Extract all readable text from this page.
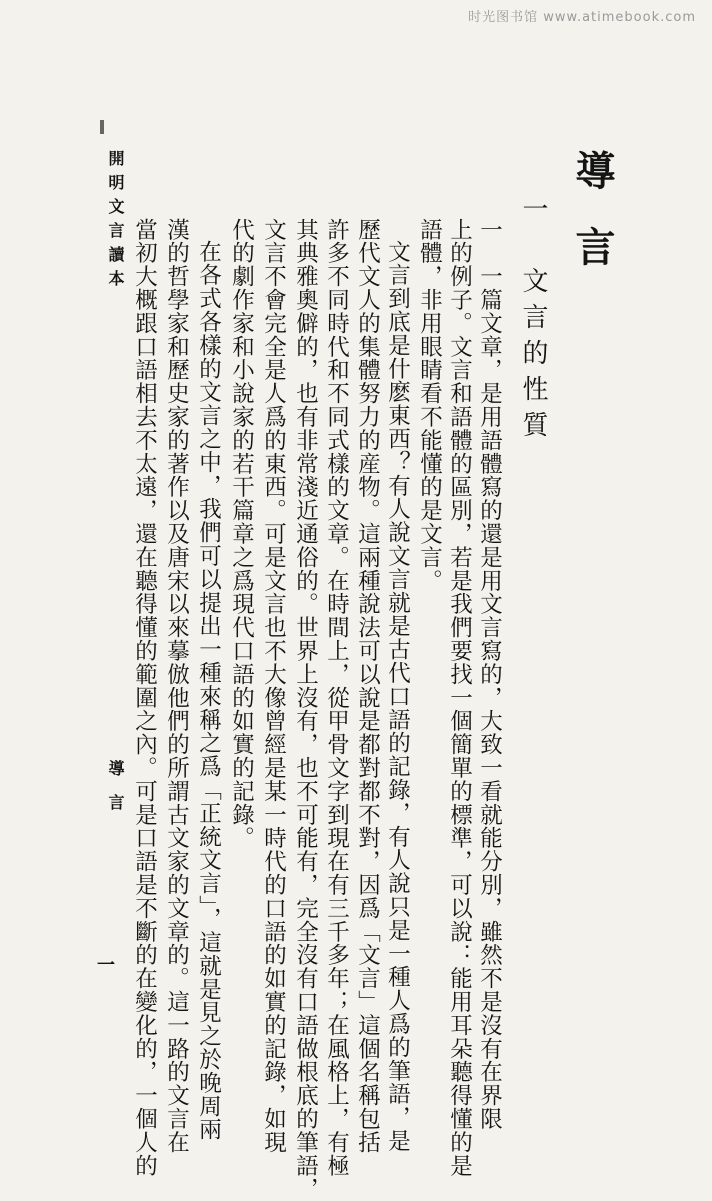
时光图书馆 www.atimebook.com
導言
一　文言的性質
一　一篇文章，是用語體寫的還是用文言寫的，大致一看就能分別，雖然不是沒有在界限
上的例子。文言和語體的區別，若是我們要找一個簡單的標準，可以說：能用耳朵聽得懂的是
語體，非用眼睛看不能懂的是文言。
文言到底是什麽東西？有人說文言就是古代口語的記錄，有人說只是一種人爲的筆語，是
歷代文人的集體努力的産物。這兩種說法可以說是都對都不對，因爲「文言」這個名稱包括
許多不同時代和不同式樣的文章。在時間上，從甲骨文字到現在有三千多年；在風格上，有極
其典雅奧僻的，也有非常淺近通俗的。世界上沒有，也不可能有，完全沒有口語做根底的筆語，
文言不會完全是人爲的東西。可是文言也不大像曾經是某一時代的口語的如實的記錄，如現
代的劇作家和小說家的若干篇章之爲現代口語的如實的記錄。
在各式各樣的文言之中，我們可以提出一種來稱之爲「正統文言」，這就是見之於晚周兩
漢的哲學家和歷史家的著作以及唐宋以來摹倣他們的所謂古文家的文章的。這一路的文言在
當初大概跟口語相去不太遠，還在聽得懂的範圍之內。可是口語是不斷的在變化的，一個人的
開明文言讀本
導言
一
